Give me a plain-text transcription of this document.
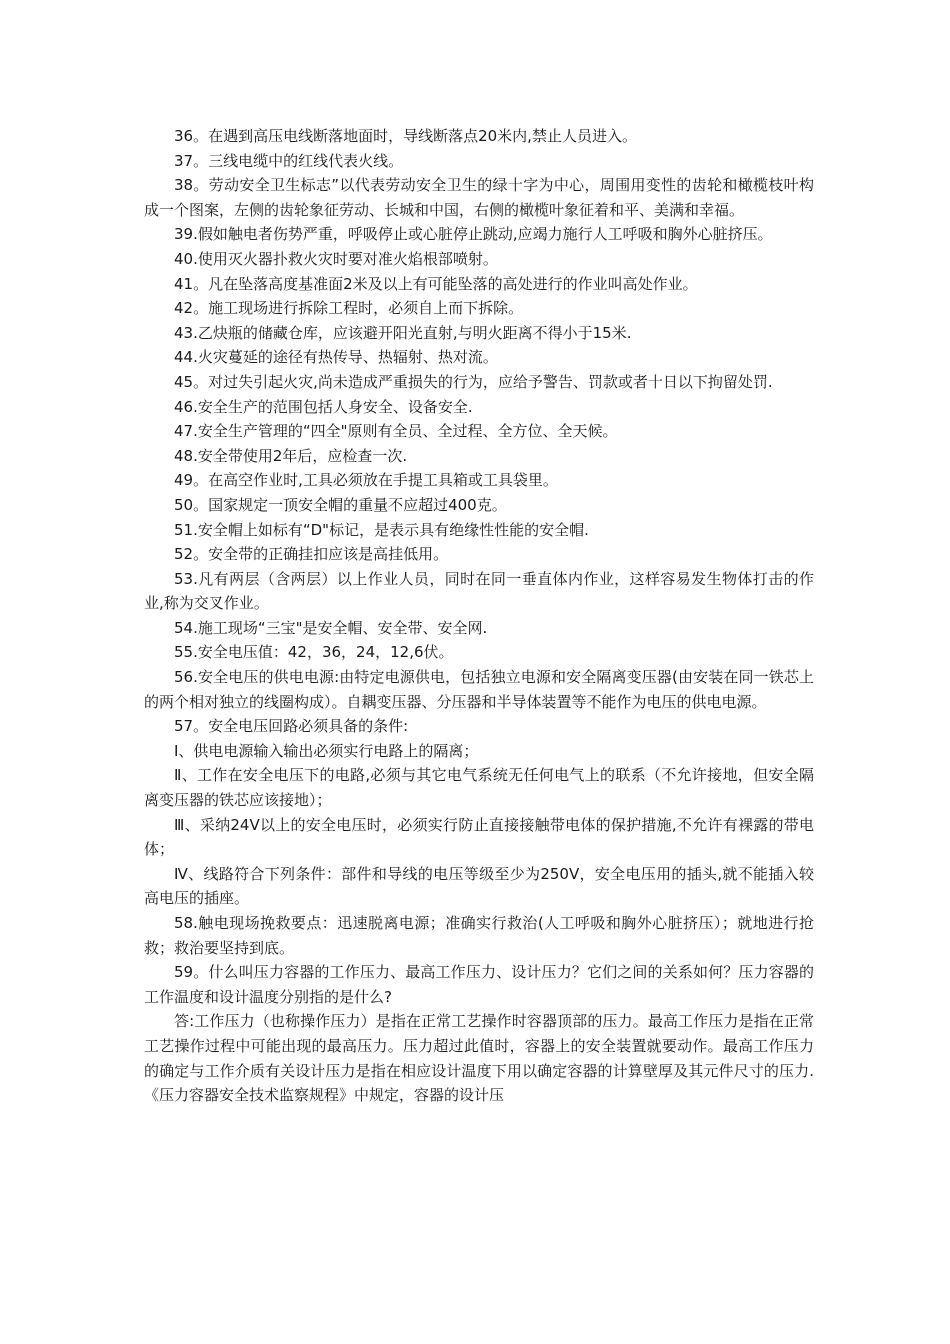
36。在遇到高压电线断落地面时，导线断落点20米内,禁止人员进入。

37。三线电缆中的红线代表火线。

38。劳动安全卫生标志”以代表劳动安全卫生的绿十字为中心，周围用变性的齿轮和橄榄枝叶构成一个图案，左侧的齿轮象征劳动、长城和中国，右侧的橄榄叶象征着和平、美满和幸福。

39.假如触电者伤势严重，呼吸停止或心脏停止跳动,应竭力施行人工呼吸和胸外心脏挤压。

40.使用灭火器扑救火灾时要对准火焰根部喷射。

41。凡在坠落高度基准面2米及以上有可能坠落的高处进行的作业叫高处作业。

42。施工现场进行拆除工程时，必须自上而下拆除。

43.乙炔瓶的储藏仓库，应该避开阳光直射,与明火距离不得小于15米.

44.火灾蔓延的途径有热传导、热辐射、热对流。

45。对过失引起火灾,尚未造成严重损失的行为，应给予警告、罚款或者十日以下拘留处罚.

46.安全生产的范围包括人身安全、设备安全.

47.安全生产管理的“四全"原则有全员、全过程、全方位、全天候。

48.安全带使用2年后，应检查一次.

49。在高空作业时,工具必须放在手提工具箱或工具袋里。

50。国家规定一顶安全帽的重量不应超过400克。

51.安全帽上如标有“D"标记，是表示具有绝缘性性能的安全帽.

52。安全带的正确挂扣应该是高挂低用。

53.凡有两层（含两层）以上作业人员，同时在同一垂直体内作业，这样容易发生物体打击的作业,称为交叉作业。

54.施工现场“三宝"是安全帽、安全带、安全网.

55.安全电压值：42，36，24，12,6伏。

56.安全电压的供电电源:由特定电源供电，包括独立电源和安全隔离变压器(由安装在同一铁芯上的两个相对独立的线圈构成）。自耦变压器、分压器和半导体装置等不能作为电压的供电电源。

57。安全电压回路必须具备的条件:

Ⅰ、供电电源输入输出必须实行电路上的隔离；

Ⅱ、工作在安全电压下的电路,必须与其它电气系统无任何电气上的联系（不允许接地，但安全隔离变压器的铁芯应该接地）；

Ⅲ、采纳24V以上的安全电压时，必须实行防止直接接触带电体的保护措施,不允许有裸露的带电体；

Ⅳ、线路符合下列条件：部件和导线的电压等级至少为250V，安全电压用的插头,就不能插入较高电压的插座。

58.触电现场挽救要点：迅速脱离电源；准确实行救治(人工呼吸和胸外心脏挤压）；就地进行抢救；救治要坚持到底。

59。什么叫压力容器的工作压力、最高工作压力、设计压力？它们之间的关系如何？压力容器的工作温度和设计温度分别指的是什么?

答:工作压力（也称操作压力）是指在正常工艺操作时容器顶部的压力。最高工作压力是指在正常工艺操作过程中可能出现的最高压力。压力超过此值时，容器上的安全装置就要动作。最高工作压力的确定与工作介质有关设计压力是指在相应设计温度下用以确定容器的计算壁厚及其元件尺寸的压力.《压力容器安全技术监察规程》中规定，容器的设计压
